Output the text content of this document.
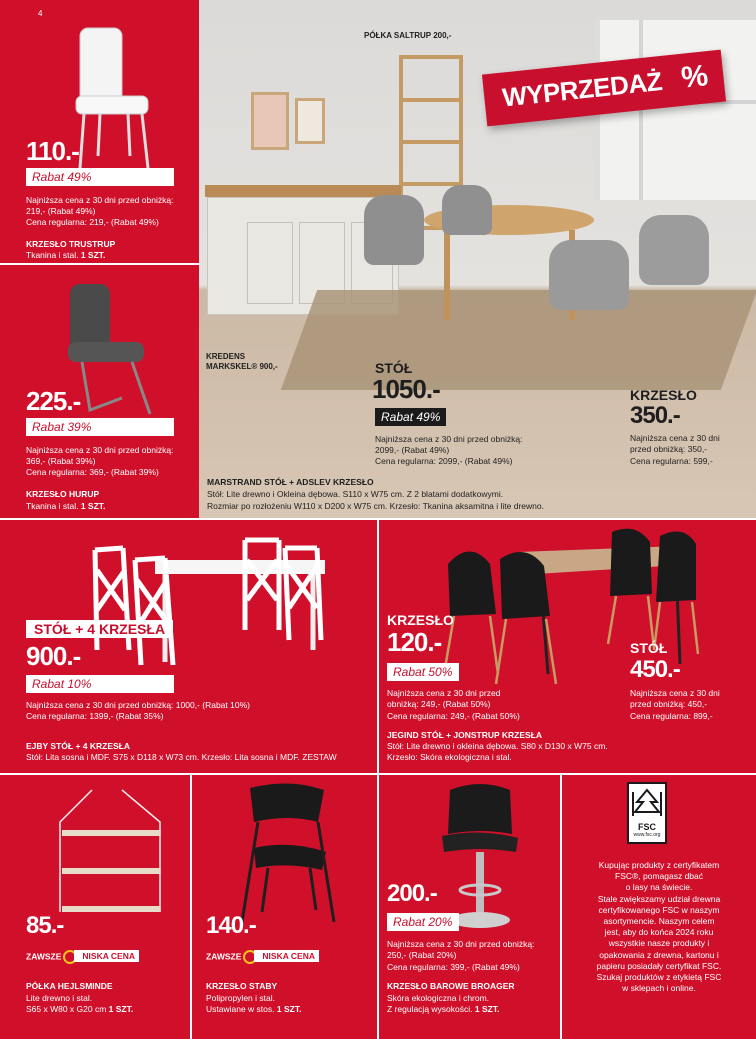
4
WYPRZEDAŻ %
PÓŁKA SALTRUP 200,-
KREDENS
MARKSKEL® 900,-	STÓŁ
1050.-
Rabat 49%
Najniższa cena z 30 dni przed obniżką:
2099,- (Rabat 49%)
Cena regularna: 2099,- (Rabat 49%)
KRZESŁO
350.-
Najniższa cena z 30 dni
przed obniżką: 350,-
Cena regularna: 599,-
MARSTRAND STÓŁ + ADSLEV KRZESŁO
Stół: Lite drewno i Okleina dębowa. S110 x W75 cm. Z 2 blatami dodatkowymi.
Rozmiar po rozłożeniu W110 x D200 x W75 cm. Krzesło: Tkanina aksamitna i lite drewno.
110.-
Rabat 49%
Najniższa cena z 30 dni przed obniżką:
219,- (Rabat 49%)
Cena regularna: 219,- (Rabat 49%)
KRZESŁO TRUSTRUP
Tkanina i stal. 1 SZT.
225.-
Rabat 39%
Najniższa cena z 30 dni przed obniżką:
369,- (Rabat 39%)
Cena regularna: 369,- (Rabat 39%)
KRZESŁO HURUP
Tkanina i stal. 1 SZT.
STÓŁ + 4 KRZESŁA
900.-
Rabat 10%
Najniższa cena z 30 dni przed obniżką: 1000,- (Rabat 10%)
Cena regularna: 1399,- (Rabat 35%)
EJBY STÓŁ + 4 KRZESŁA
Stół: Lita sosna i MDF. S75 x D118 x W73 cm. Krzesło: Lita sosna i MDF. ZESTAW
KRZESŁO
120.-
Rabat 50%
Najniższa cena z 30 dni przed
obniżką: 249,- (Rabat 50%)
Cena regularna: 249,- (Rabat 50%)
STÓŁ
450.-
Najniższa cena z 30 dni
przed obniżką: 450,-
Cena regularna: 899,-
JEGIND STÓŁ + JONSTRUP KRZESŁA
Stół: Lite drewno i okleina dębowa. S80 x D130 x W75 cm.
Krzesło: Skóra ekologiczna i stal.
85.-
ZAWSZE NISKA CENA
PÓŁKA HEJLSMINDE
Lite drewno i stal.
S65 x W80 x G20 cm 1 SZT.
140.-
ZAWSZE NISKA CENA
KRZESŁO STABY
Polipropylen i stal.
Ustawiane w stos. 1 SZT.
200.-
Rabat 20%
Najniższa cena z 30 dni przed obniżką:
250,- (Rabat 20%)
Cena regularna: 399,- (Rabat 49%)
KRZESŁO BAROWE BROAGER
Skóra ekologiczna i chrom.
Z regulacją wysokości. 1 SZT.
FSC
www.fsc.org
Kupując produkty z certyfikatem
FSC®, pomagasz dbać
o lasy na świecie.
Stale zwiększamy udział drewna
certyfikowanego FSC w naszym
asortymencie. Naszym celem
jest, aby do końca 2024 roku
wszystkie nasze produkty i
opakowania z drewna, kartonu i
papieru posiadały certyfikat FSC.
Szukaj produktów z etykietą FSC
w sklepach i online.
